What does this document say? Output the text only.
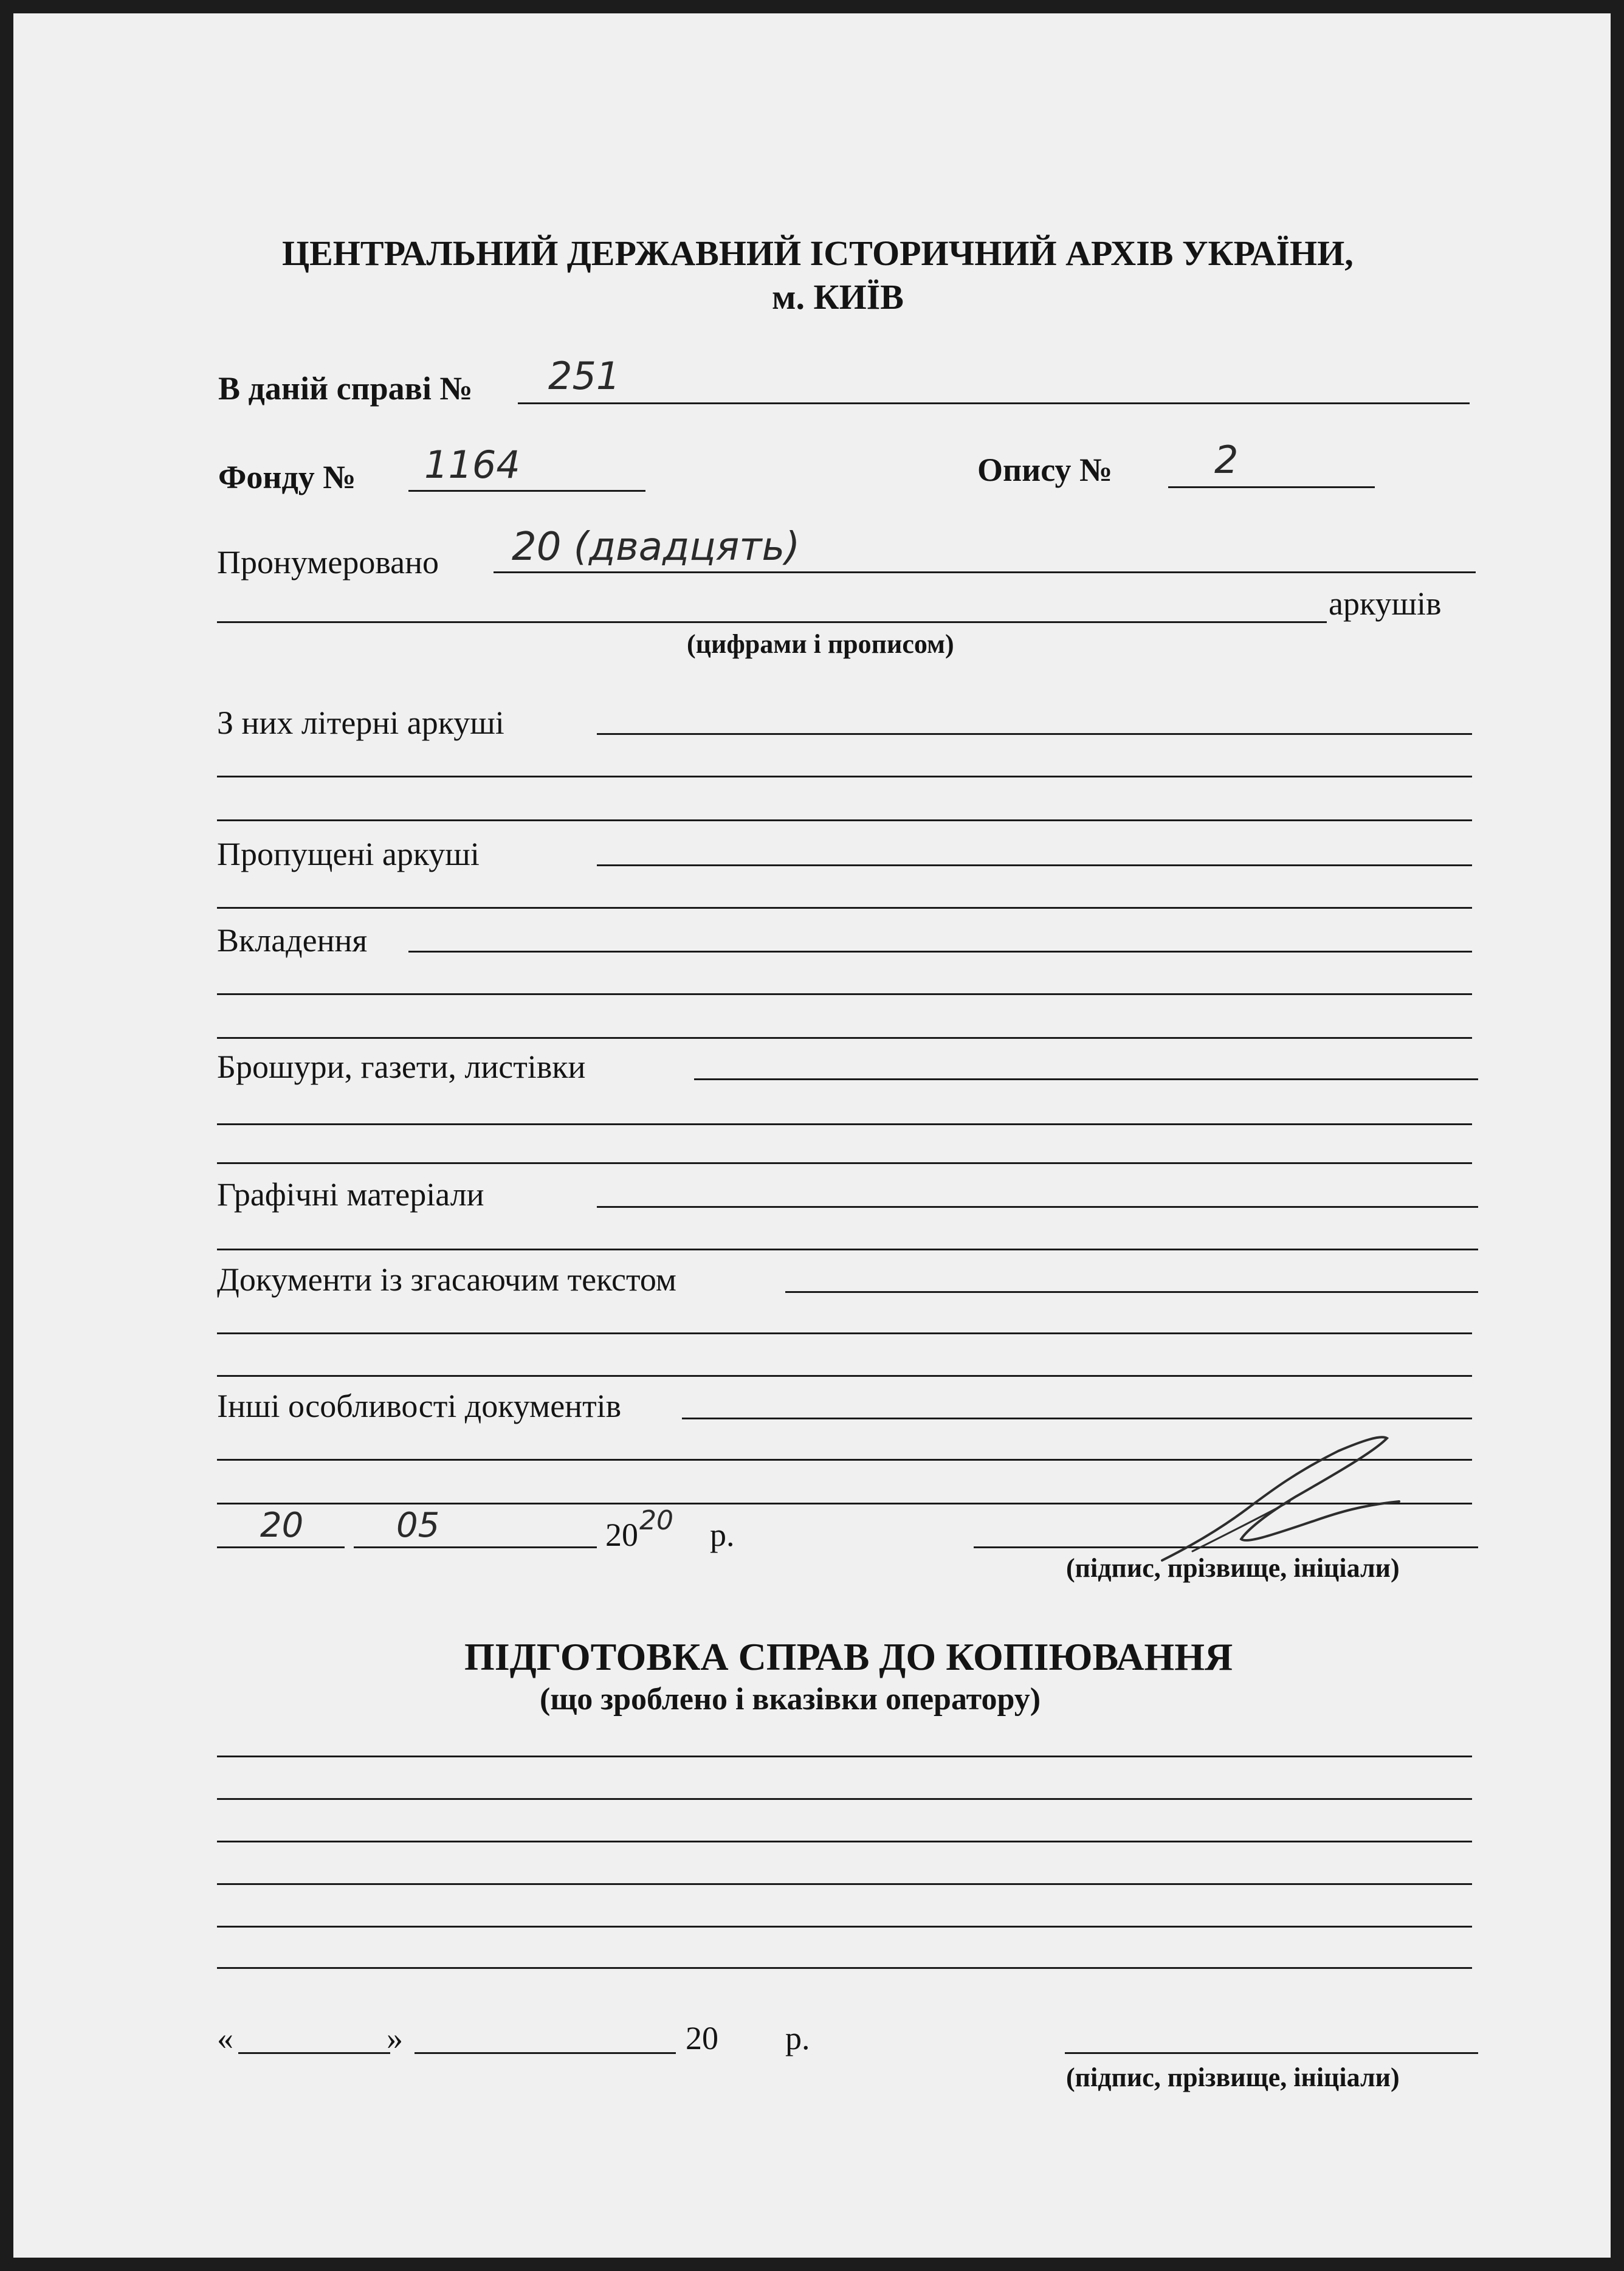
ЦЕНТРАЛЬНИЙ ДЕРЖАВНИЙ ІСТОРИЧНИЙ АРХІВ УКРАЇНИ,
м. КИЇВ
В даній справі № 251
Фонду № 1164	Опису №	2
Пронумеровано 20 (двадцять)
аркушів
(цифрами і прописом)
З них літерні аркуші
Пропущені аркуші
Вкладення
Брошури, газети, листівки
Графічні матеріали
Документи із згасаючим текстом
Інші особливості документів
20	05	20 20 р.
(підпис, прізвище, ініціали)
ПІДГОТОВКА СПРАВ ДО КОПІЮВАННЯ
(що зроблено і вказівки оператору)
«	»	20 р.
(підпис, прізвище, ініціали)
